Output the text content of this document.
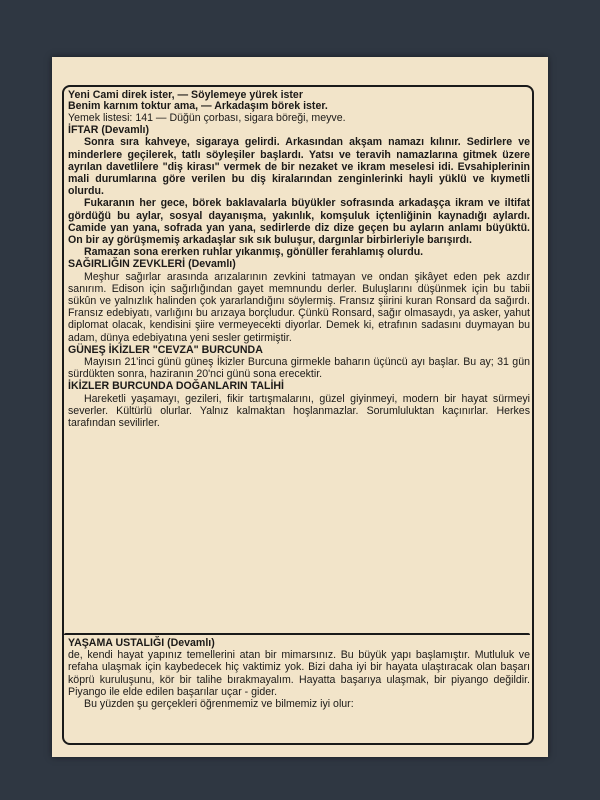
Yeni Cami direk ister, — Söylemeye yürek ister

Benim karnım toktur ama, — Arkadaşım börek ister.

Yemek listesi: 141 — Düğün çorbası, sigara böreği, meyve.

İFTAR (Devamlı)

Sonra sıra kahveye, sigaraya gelirdi. Arkasından akşam namazı kılınır. Sedirlere ve minderlere geçilerek, tatlı söyleşiler başlardı. Yatsı ve teravih namazlarına gitmek üzere ayrılan davetlilere "diş kirası" vermek de bir nezaket ve ikram meselesi idi. Evsahiplerinin mali durumlarına göre verilen bu diş kiralarından zenginlerinki hayli yüklü ve kıymetli olurdu.

Fukaranın her gece, börek baklavalarla büyükler sofrasında arkadaşça ikram ve iltifat gördüğü bu aylar, sosyal dayanışma, yakınlık, komşuluk içtenliğinin kaynadığı aylardı. Camide yan yana, sofrada yan yana, sedirlerde diz dize geçen bu ayların anlamı büyüktü. On bir ay görüşmemiş arkadaşlar sık sık buluşur, dargınlar birbirleriyle barışırdı.

Ramazan sona ererken ruhlar yıkanmış, gönüller ferahlamış olurdu.

SAĞIRLIĞIN ZEVKLERİ (Devamlı)

Meşhur sağırlar arasında arızalarının zevkini tatmayan ve ondan şikâyet eden pek azdır sanırım. Edison için sağırlığından gayet memnundu derler. Buluşlarını düşünmek için bu tabii sükûn ve yalnızlık halinden çok yararlandığını söylermiş. Fransız şiirini kuran Ronsard da sağırdı. Fransız edebiyatı, varlığını bu arızaya borçludur. Çünkü Ronsard, sağır olmasaydı, ya asker, yahut diplomat olacak, kendisini şiire vermeyecekti diyorlar. Demek ki, etrafının sadasını duymayan bu adam, dünya edebiyatına yeni sesler getirmiştir.

GÜNEŞ İKİZLER "CEVZA" BURCUNDA

Mayısın 21'inci günü güneş İkizler Burcuna girmekle baharın üçüncü ayı başlar. Bu ay; 31 gün sürdükten sonra, haziranın 20'nci günü sona erecektir.

İKİZLER BURCUNDA DOĞANLARIN TALİHİ

Hareketli yaşamayı, gezileri, fikir tartışmalarını, güzel giyinmeyi, modern bir hayat sürmeyi severler. Kültürlü olurlar. Yalnız kalmaktan hoşlanmazlar. Sorumluluktan kaçınırlar. Herkes tarafından sevilirler.

YAŞAMA USTALIĞI (Devamlı)

de, kendi hayat yapınız temellerini atan bir mimarsınız. Bu büyük yapı başlamıştır. Mutluluk ve refaha ulaşmak için kaybedecek hiç vaktimiz yok. Bizi daha iyi bir hayata ulaştıracak olan başarı köprü kuruluşunu, kör bir talihe bırakmayalım. Hayatta başarıya ulaşmak, bir piyango değildir. Piyango ile elde edilen başarılar uçar - gider.

Bu yüzden şu gerçekleri öğrenmemiz ve bilmemiz iyi olur:
